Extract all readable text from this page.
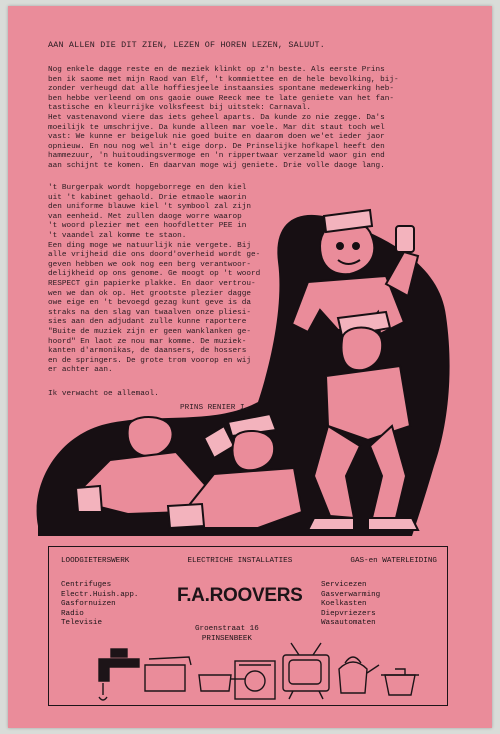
AAN ALLEN DIE DIT ZIEN, LEZEN OF HOREN LEZEN, SALUUT.
Nog enkele dagge reste en de meziek klinkt op z'n beste. Als eerste Prins
ben ik saome met mijn Raod van Elf, 't kommiettee en de hele bevolking, bij-
zonder verheugd dat alle hoffiesjeele instaansies spontane medewerking heb-
ben hebbe verleend om ons gaoie ouwe Reeck mee te late geniete van het fan-
tastische en kleurrijke volksfeest bij uitstek: Carnaval.
Het vastenavond viere das iets geheel aparts. Da kunde zo nie zegge. Da's
moeilijk te umschrijve. Da kunde alleen mar voele. Mar dit staut toch wel
vast: We kunne er beigeluk nie goed buite en daarom doen we'et ieder jaor
opnieuw. En nou nog wel in't eige dorp. De Prinselijke hofkapel heeft den
hammezuur, 'n huitoudingsvermoge en 'n rippertwaar verzameld waor gin end
aan schijnt te komen. En daarvan moge wij geniete. Drie volle daoge lang.
't Burgerpak wordt hopgeborrege en den kiel
uit 't kabinet gehaold. Drie etmaole waorin
den uniforme blauwe kiel 't symbool zal zijn
van eenheid. Met zullen daoge worre waarop
't woord plezier met een hoofdletter PEE in
't vaandel zal komme te staon.
Een ding moge we natuurlijk nie vergete. Bij
alle vrijheid die ons doord'overheid wordt ge-
geven hebben we ook nog een berg verantwoor-
delijkheid op ons genome. Ge moogt op 't woord
RESPECT gin papierke plakke. En daor vertrou-
wen we dan ok op. Het grootste plezier dagge
owe eige en 't bevoegd gezag kunt geve is da
straks na den slag van twaalven onze pliesi-
sies aan den adjudant zulle kunne raportere
"Buite de muziek zijn er geen wanklanken ge-
hoord" En laot ze nou mar komme. De muziek-
kanten d'armonikas, de daansers, de hossers
en de springers. De grote trom voorop en wij
er achter aan.
Ik verwacht oe allemaol.
PRINS RENIER I.
LOODGIETERSWERK	ELECTRICHE INSTALLATIES	GAS-en WATERLEIDING
Centrifuges
Electr.Huish.app.
Gasfornuizen
Radio
Televisie
F.A.ROOVERS
Groenstraat 16
PRINSENBEEK
Servicezen
Gasverwarming
Koelkasten
Diepvriezers
Wasautomaten
